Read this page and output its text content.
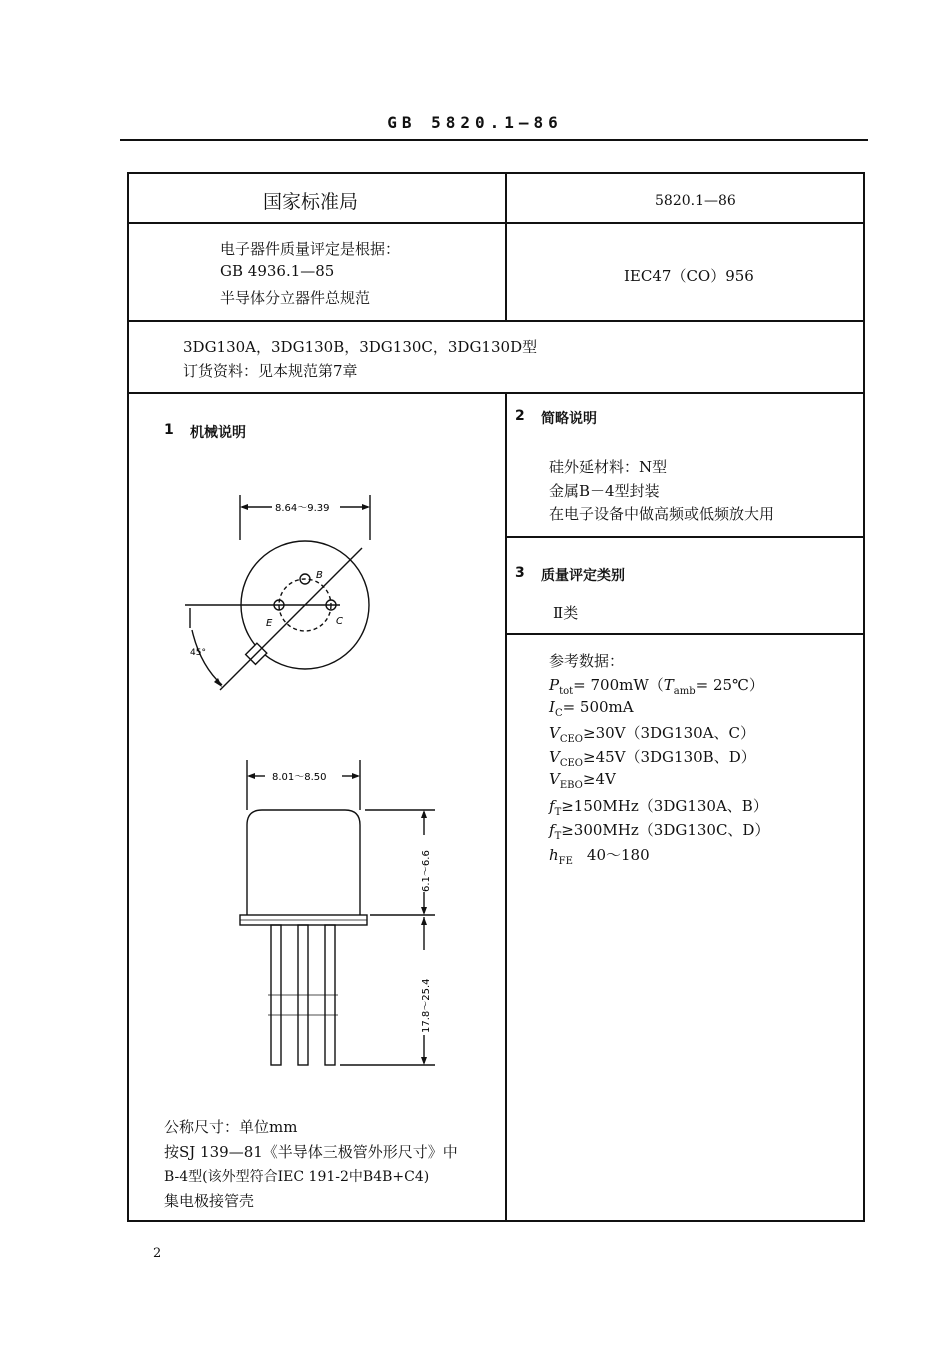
GB 5820.1—86
国家标准局
电子器件质量评定是根据：
GB 4936.1—85
半导体分立器件总规范
5820.1—86
IEC47（CO）956
3DG130A，3DG130B，3DG130C，3DG130D型
订货资料：见本规范第7章
1 机械说明
8.64～9.39
45°
B
E	C
8.01～8.50
6.1～6.6
17.8～25.4
公称尺寸：单位mm
按SJ 139—81《半导体三极管外形尺寸》中
B-4型(该外型符合IEC 191-2中B4B+C4)
集电极接管壳
2 简略说明
硅外延材料：N型
金属B－4型封装
在电子设备中做高频或低频放大用
3 质量评定类别
Ⅱ类
参考数据：
$P_{tot}= 700mW(T_{amb}=$ 25℃）
$I_C= 500mA$
$V_{CEO}\ge 30V(3DG130A$、C）
$V_{CEO}\ge 45V(3DG130B$、D）
$V_{EBO}\ge 4V$
$f_T\ge 150MHz(3DG130A$、B）
$f_T\ge 300MHz(3DG130C$、D）
$h_{FE}$ 40～180
2
